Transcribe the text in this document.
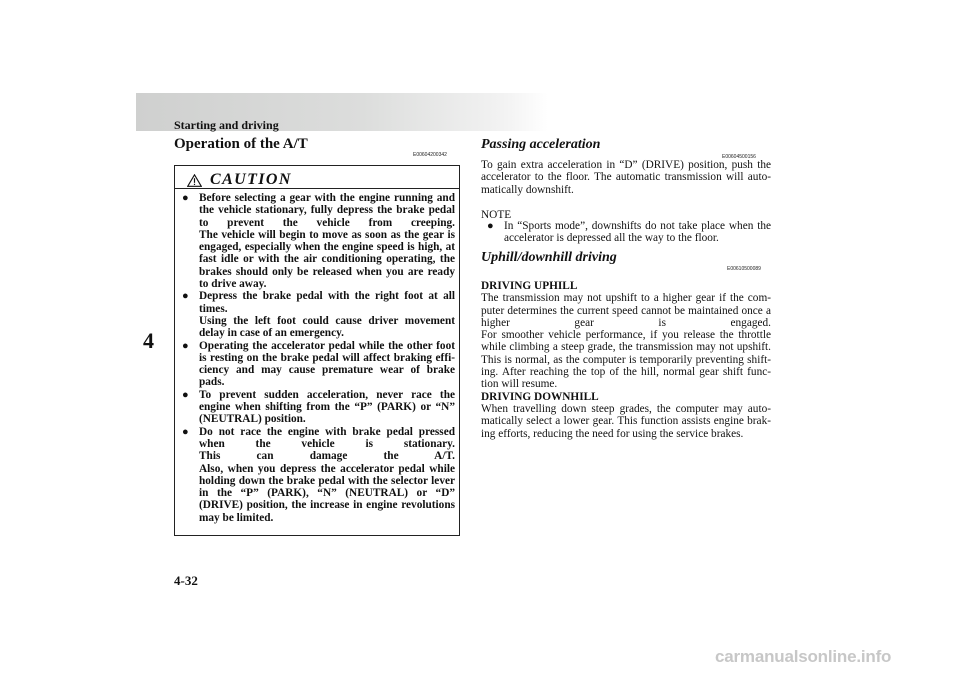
Starting and driving

4

Operation of the A/T
E00604200342
CAUTION
● Before selecting a gear with the engine running and
the vehicle stationary, fully depress the brake pedal
to prevent the vehicle from creeping.
The vehicle will begin to move as soon as the gear is
engaged, especially when the engine speed is high, at
fast idle or with the air conditioning operating, the
brakes should only be released when you are ready
to drive away.
● Depress the brake pedal with the right foot at all
times.
Using the left foot could cause driver movement
delay in case of an emergency.
● Operating the accelerator pedal while the other foot
is resting on the brake pedal will affect braking effi-
ciency and may cause premature wear of brake
pads.
● To prevent sudden acceleration, never race the
engine when shifting from the “P” (PARK) or “N”
(NEUTRAL) position.
● Do not race the engine with brake pedal pressed
when the vehicle is stationary.
This can damage the A/T.
Also, when you depress the accelerator pedal while
holding down the brake pedal with the selector lever
in the “P” (PARK), “N” (NEUTRAL) or “D”
(DRIVE) position, the increase in engine revolutions
may be limited.

4-32

Passing acceleration
E00604500156
To gain extra acceleration in “D” (DRIVE) position, push the
accelerator to the floor. The automatic transmission will auto-
matically downshift.
NOTE
● In “Sports mode”, downshifts do not take place when the
accelerator is depressed all the way to the floor.
Uphill/downhill driving
E00610500089
DRIVING UPHILL
The transmission may not upshift to a higher gear if the com-
puter determines the current speed cannot be maintained once a
higher gear is engaged.
For smoother vehicle performance, if you release the throttle
while climbing a steep grade, the transmission may not upshift.
This is normal, as the computer is temporarily preventing shift-
ing. After reaching the top of the hill, normal gear shift func-
tion will resume.
DRIVING DOWNHILL
When travelling down steep grades, the computer may auto-
matically select a lower gear. This function assists engine brak-
ing efforts, reducing the need for using the service brakes.

carmanualsonline.info
